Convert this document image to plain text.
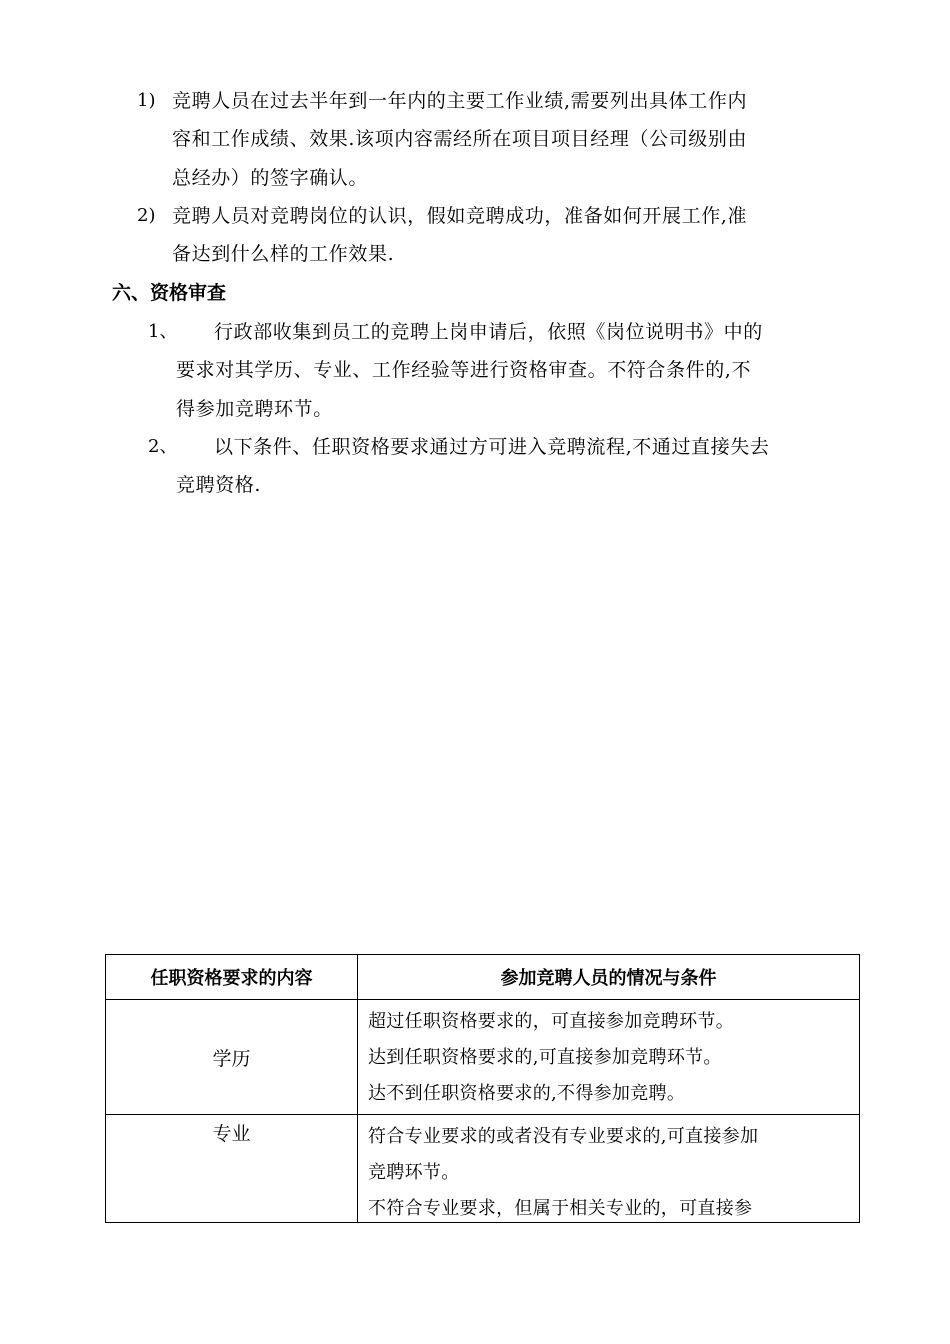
1) 竞聘人员在过去半年到一年内的主要工作业绩,需要列出具体工作内
容和工作成绩、效果.该项内容需经所在项目项目经理（公司级别由
总经办）的签字确认。
2) 竞聘人员对竞聘岗位的认识，假如竞聘成功，准备如何开展工作,准
备达到什么样的工作效果.
六、资格审查
1、 行政部收集到员工的竞聘上岗申请后，依照《岗位说明书》中的
要求对其学历、专业、工作经验等进行资格审查。不符合条件的,不
得参加竞聘环节。
2、 以下条件、任职资格要求通过方可进入竞聘流程,不通过直接失去
竞聘资格.
任职资格要求的内容	参加竞聘人员的情况与条件
学历	超过任职资格要求的，可直接参加竞聘环节。
达到任职资格要求的,可直接参加竞聘环节。
达不到任职资格要求的,不得参加竞聘。

专业	符合专业要求的或者没有专业要求的,可直接参加
竞聘环节。
不符合专业要求，但属于相关专业的，可直接参
